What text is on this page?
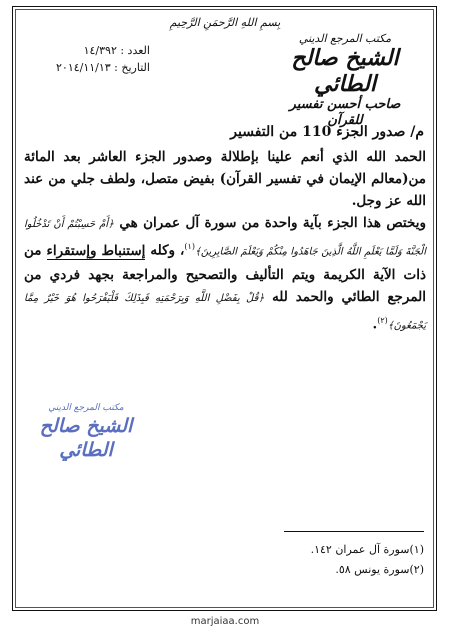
بِسمِ اللهِ الرَّحمَنِ الرَّحِيمِ
مكتب المرجع الديني
الشيخ صالح الطائي
صاحب أحسن تفسير للقرآن
العدد : ١٤/٣٩٢
التاريخ : ٢٠١٤/١١/١٣
م/ صدور الجزء 110 من التفسير

الحمد الله الذي أنعم علينا بإطلالة وصدور الجزء العاشر بعد المائة من(معالم الإيمان في تفسير القرآن) بفيض متصل، ولطف جلي من عند الله عز وجل.

ويختص هذا الجزء بآية واحدة من سورة آل عمران هي ﴿أَمْ حَسِبْتُمْ أَنْ تَدْخُلُوا الْجَنَّةَ وَلَمَّا يَعْلَمِ اللَّهُ الَّذِينَ جَاهَدُوا مِنْكُمْ وَيَعْلَمَ الصَّابِرِينَ﴾$^{(١)}$، وكله إستنباط وإستقراء من ذات الآية الكريمة ويتم التأليف والتصحيح والمراجعة بجهد فردي من المرجع الطائي والحمد لله ﴿قُلْ بِفَضْلِ اللَّهِ وَبِرَحْمَتِهِ فَبِذَلِكَ فَلْيَفْرَحُوا هُوَ خَيْرٌ مِمَّا يَجْمَعُونَ﴾$^{(٢)}$.

مكتب المرجع الديني
الشيخ صالح الطائي
(١)سورة آل عمران ١٤٢.
(٢)سورة يونس ٥٨.
marjaiaa.com
